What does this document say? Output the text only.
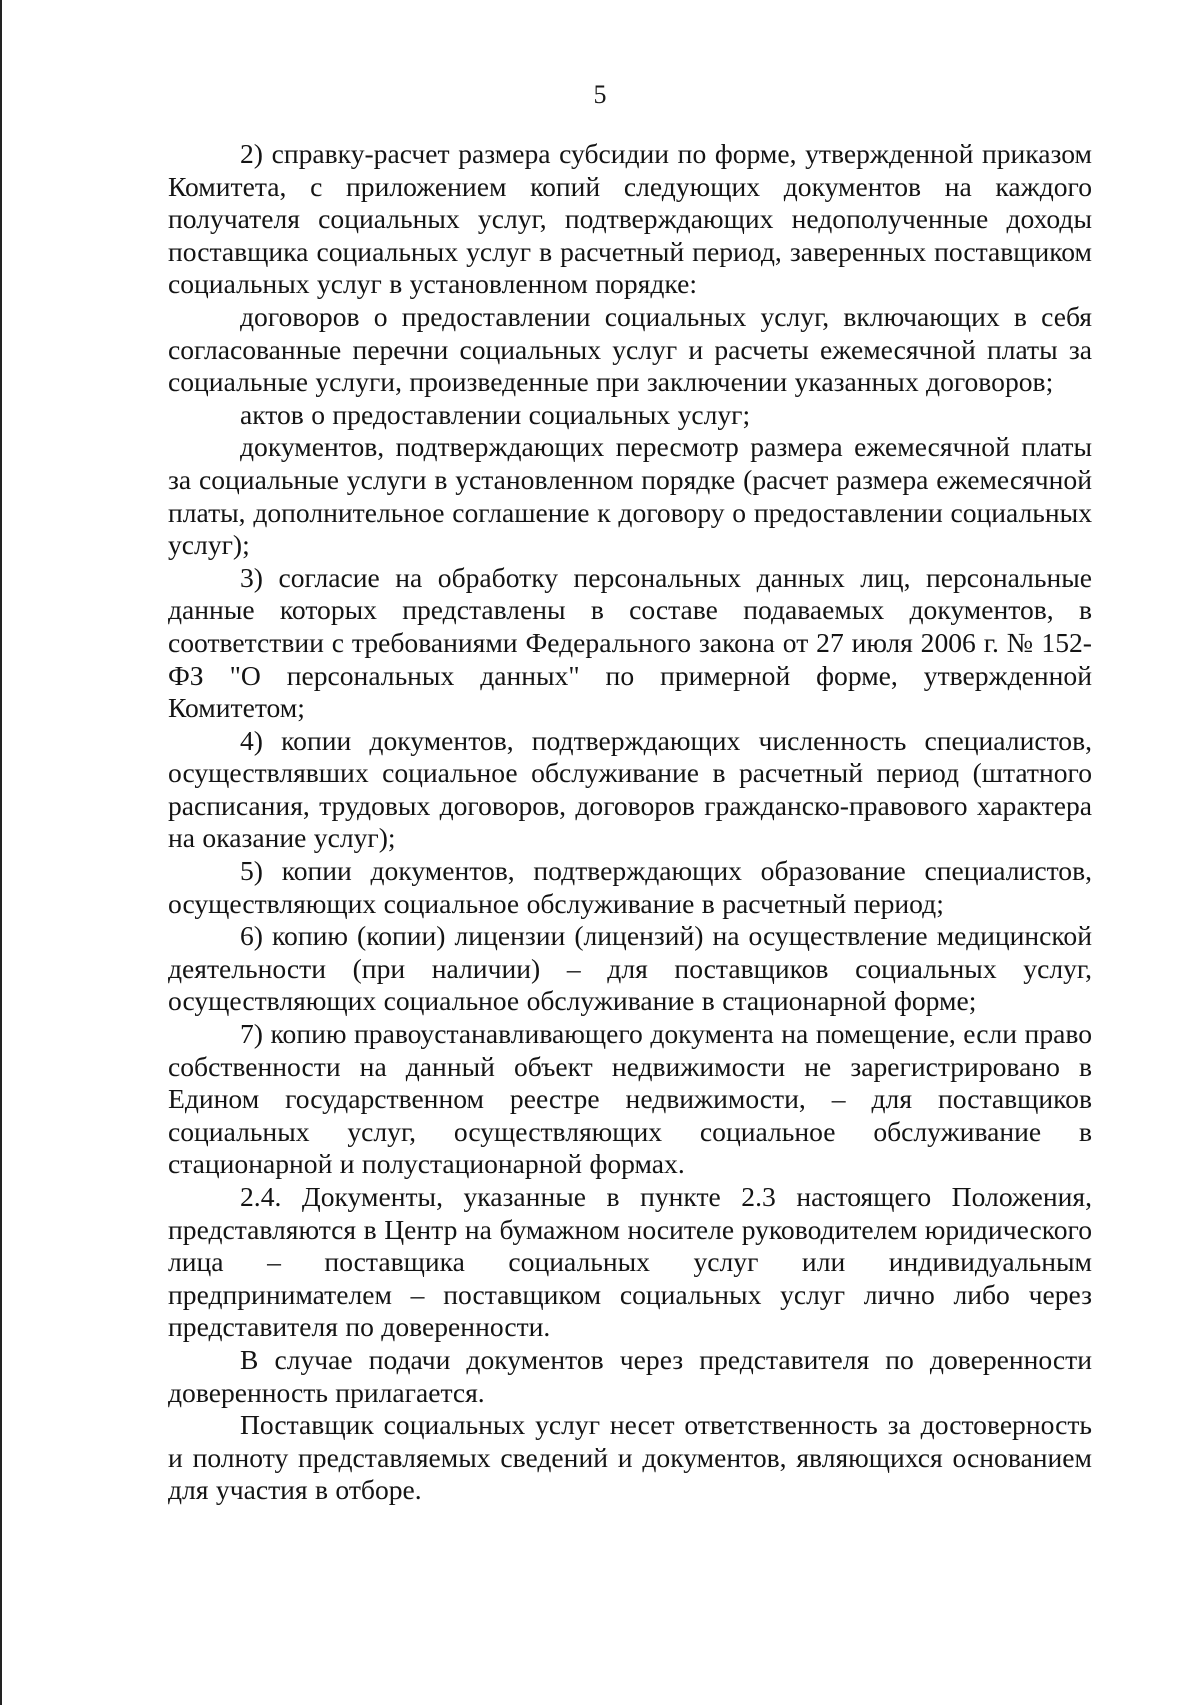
5

2) справку-расчет размера субсидии по форме, утвержденной приказом Комитета, с приложением копий следующих документов на каждого получателя социальных услуг, подтверждающих недополученные доходы поставщика социальных услуг в расчетный период, заверенных поставщиком социальных услуг в установленном порядке:

договоров о предоставлении социальных услуг, включающих в себя согласованные перечни социальных услуг и расчеты ежемесячной платы за социальные услуги, произведенные при заключении указанных договоров;

актов о предоставлении социальных услуг;

документов, подтверждающих пересмотр размера ежемесячной платы за социальные услуги в установленном порядке (расчет размера ежемесячной платы, дополнительное соглашение к договору о предоставлении социальных услуг);

3) согласие на обработку персональных данных лиц, персональные данные которых представлены в составе подаваемых документов, в соответствии с требованиями Федерального закона от 27 июля 2006 г. № 152-ФЗ "О персональных данных" по примерной форме, утвержденной Комитетом;

4) копии документов, подтверждающих численность специалистов, осуществлявших социальное обслуживание в расчетный период (штатного расписания, трудовых договоров, договоров гражданско-правового характера на оказание услуг);

5) копии документов, подтверждающих образование специалистов, осуществляющих социальное обслуживание в расчетный период;

6) копию (копии) лицензии (лицензий) на осуществление медицинской деятельности (при наличии) – для поставщиков социальных услуг, осуществляющих социальное обслуживание в стационарной форме;

7) копию правоустанавливающего документа на помещение, если право собственности на данный объект недвижимости не зарегистрировано в Едином государственном реестре недвижимости, – для поставщиков социальных услуг, осуществляющих социальное обслуживание в стационарной и полустационарной формах.

2.4. Документы, указанные в пункте 2.3 настоящего Положения, представляются в Центр на бумажном носителе руководителем юридического лица – поставщика социальных услуг или индивидуальным предпринимателем – поставщиком социальных услуг лично либо через представителя по доверенности.

В случае подачи документов через представителя по доверенности доверенность прилагается.

Поставщик социальных услуг несет ответственность за достоверность и полноту представляемых сведений и документов, являющихся основанием для участия в отборе.
